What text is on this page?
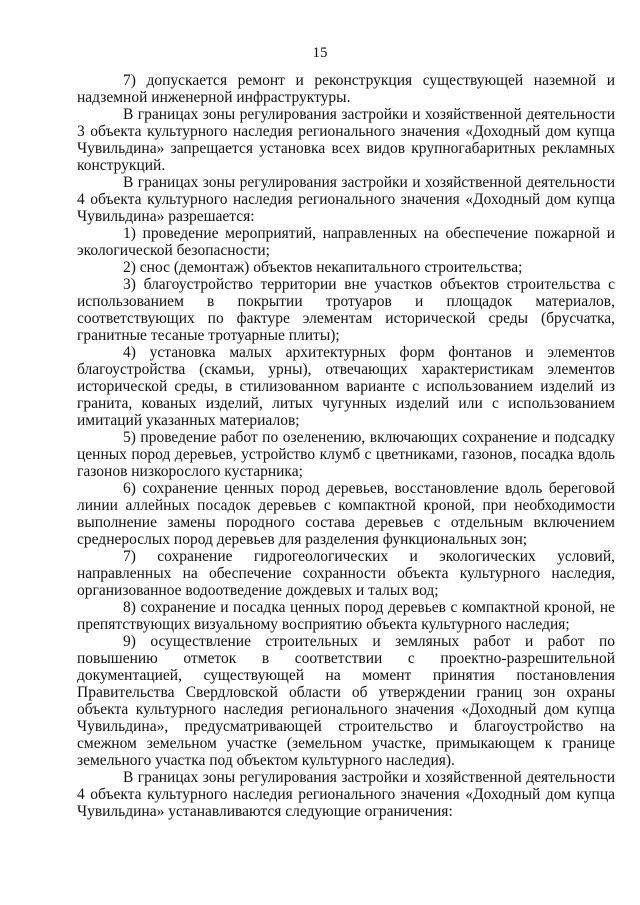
15

7) допускается ремонт и реконструкция существующей наземной и надземной инженерной инфраструктуры.

В границах зоны регулирования застройки и хозяйственной деятельности 3 объекта культурного наследия регионального значения «Доходный дом купца Чувильдина» запрещается установка всех видов крупногабаритных рекламных конструкций.

В границах зоны регулирования застройки и хозяйственной деятельности 4 объекта культурного наследия регионального значения «Доходный дом купца Чувильдина» разрешается:

1) проведение мероприятий, направленных на обеспечение пожарной и экологической безопасности;

2) снос (демонтаж) объектов некапитального строительства;

3) благоустройство территории вне участков объектов строительства с использованием в покрытии тротуаров и площадок материалов, соответствующих по фактуре элементам исторической среды (брусчатка, гранитные тесаные тротуарные плиты);

4) установка малых архитектурных форм фонтанов и элементов благоустройства (скамьи, урны), отвечающих характеристикам элементов исторической среды, в стилизованном варианте с использованием изделий из гранита, кованых изделий, литых чугунных изделий или с использованием имитаций указанных материалов;

5) проведение работ по озеленению, включающих сохранение и подсадку ценных пород деревьев, устройство клумб с цветниками, газонов, посадка вдоль газонов низкорослого кустарника;

6) сохранение ценных пород деревьев, восстановление вдоль береговой линии аллейных посадок деревьев с компактной кроной, при необходимости выполнение замены породного состава деревьев с отдельным включением среднерослых пород деревьев для разделения функциональных зон;

7) сохранение гидрогеологических и экологических условий, направленных на обеспечение сохранности объекта культурного наследия, организованное водоотведение дождевых и талых вод;

8) сохранение и посадка ценных пород деревьев с компактной кроной, не препятствующих визуальному восприятию объекта культурного наследия;

9) осуществление строительных и земляных работ и работ по повышению отметок в соответствии с проектно-разрешительной документацией, существующей на момент принятия постановления Правительства Свердловской области об утверждении границ зон охраны объекта культурного наследия регионального значения «Доходный дом купца Чувильдина», предусматривающей строительство и благоустройство на смежном земельном участке (земельном участке, примыкающем к границе земельного участка под объектом культурного наследия).

В границах зоны регулирования застройки и хозяйственной деятельности 4 объекта культурного наследия регионального значения «Доходный дом купца Чувильдина» устанавливаются следующие ограничения:
